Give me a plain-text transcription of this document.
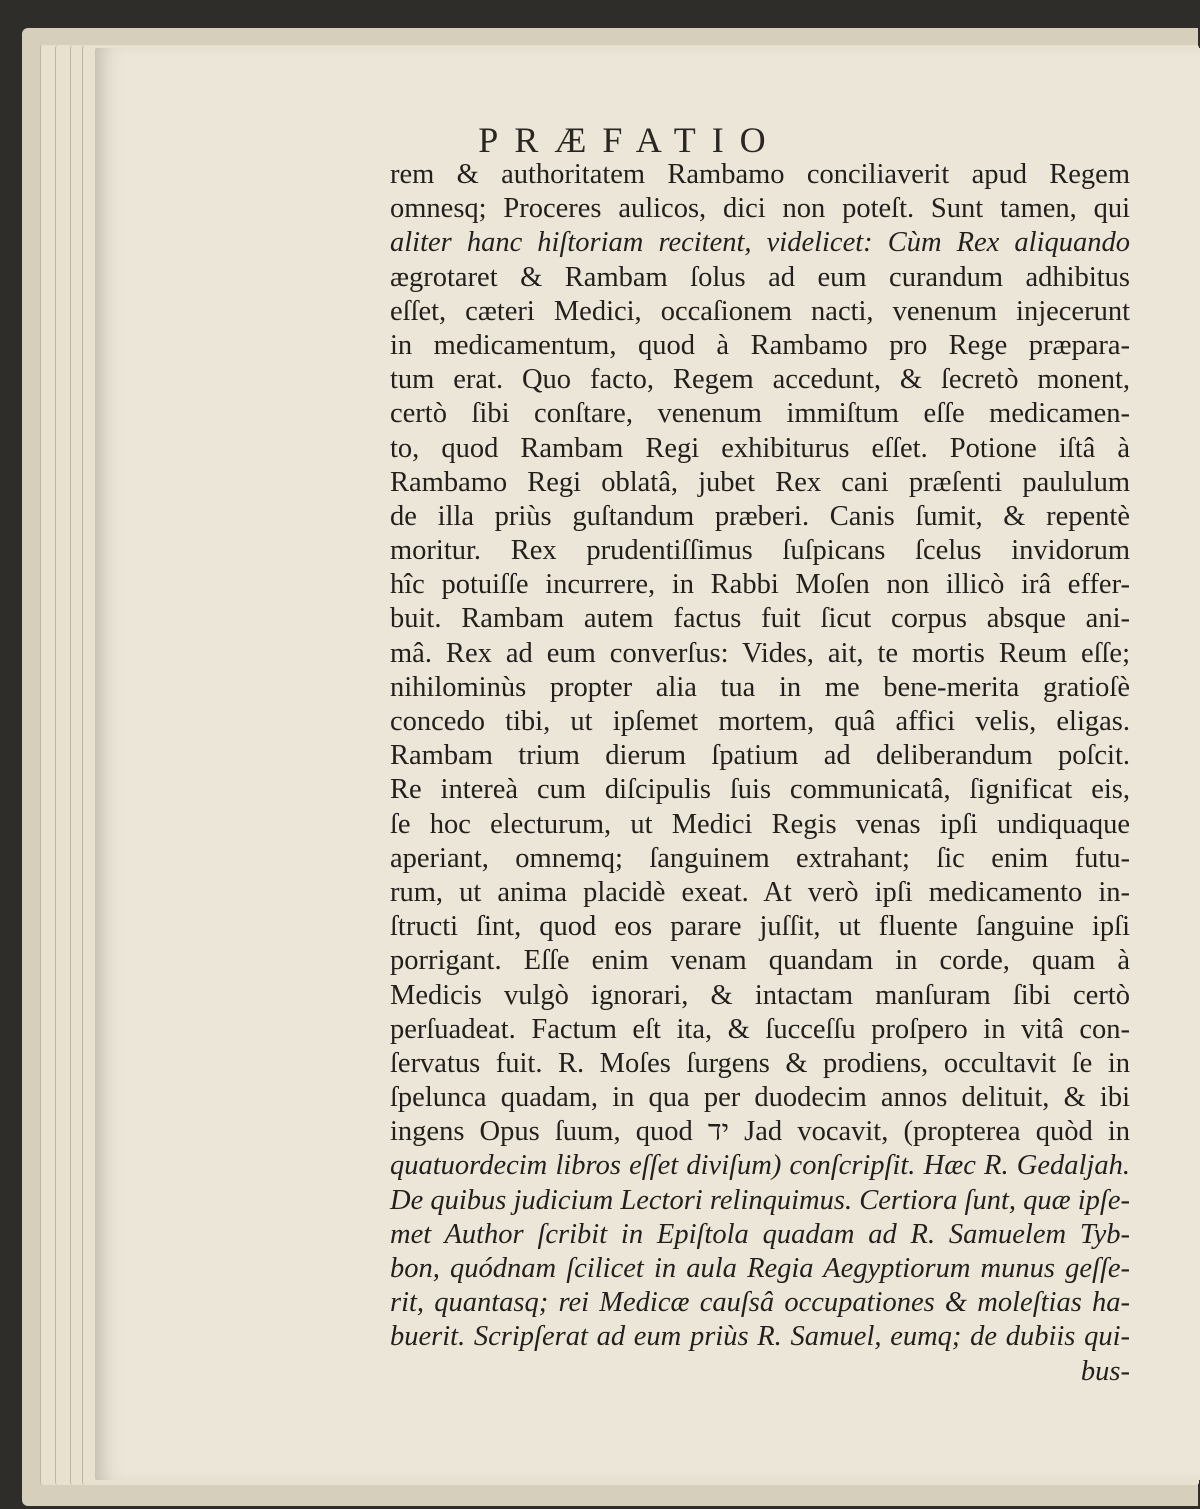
PRÆFATIO
rem & authoritatem Rambamo conciliaverit apud Regem
omnesq; Proceres aulicos, dici non poteſt. Sunt tamen, qui
aliter hanc hiſtoriam recitent, videlicet: Cùm Rex aliquando
ægrotaret & Rambam ſolus ad eum curandum adhibitus
eſſet, cæteri Medici, occaſionem nacti, venenum injecerunt
in medicamentum, quod à Rambamo pro Rege præpara-
tum erat. Quo facto, Regem accedunt, & ſecretò monent,
certò ſibi conſtare, venenum immiſtum eſſe medicamen-
to, quod Rambam Regi exhibiturus eſſet. Potione iſtâ à
Rambamo Regi oblatâ, jubet Rex cani præſenti paululum
de illa priùs guſtandum præberi. Canis ſumit, & repentè
moritur. Rex prudentiſſimus ſuſpicans ſcelus invidorum
hîc potuiſſe incurrere, in Rabbi Moſen non illicò irâ effer-
buit. Rambam autem factus fuit ſicut corpus absque ani-
mâ. Rex ad eum converſus: Vides, ait, te mortis Reum eſſe;
nihilominùs propter alia tua in me bene-merita gratioſè
concedo tibi, ut ipſemet mortem, quâ affici velis, eligas.
Rambam trium dierum ſpatium ad deliberandum poſcit.
Re intereà cum diſcipulis ſuis communicatâ, ſignificat eis,
ſe hoc electurum, ut Medici Regis venas ipſi undiquaque
aperiant, omnemq; ſanguinem extrahant; ſic enim futu-
rum, ut anima placidè exeat. At verò ipſi medicamento in-
ſtructi ſint, quod eos parare juſſit, ut fluente ſanguine ipſi
porrigant. Eſſe enim venam quandam in corde, quam à
Medicis vulgò ignorari, & intactam manſuram ſibi certò
perſuadeat. Factum eſt ita, & ſucceſſu proſpero in vitâ con-
ſervatus fuit. R. Moſes ſurgens & prodiens, occultavit ſe in
ſpelunca quadam, in qua per duodecim annos delituit, & ibi
ingens Opus ſuum, quod יד Jad vocavit, (propterea quòd in
quatuordecim libros eſſet diviſum) conſcripſit. Hæc R. Gedaljah.
De quibus judicium Lectori relinquimus. Certiora ſunt, quæ ipſe-
met Author ſcribit in Epiſtola quadam ad R. Samuelem Tyb-
bon, quódnam ſcilicet in aula Regia Aegyptiorum munus geſſe-
rit, quantasq; rei Medicæ cauſsâ occupationes & moleſtias ha-
buerit. Scripſerat ad eum priùs R. Samuel, eumq; de dubiis qui-
bus-
